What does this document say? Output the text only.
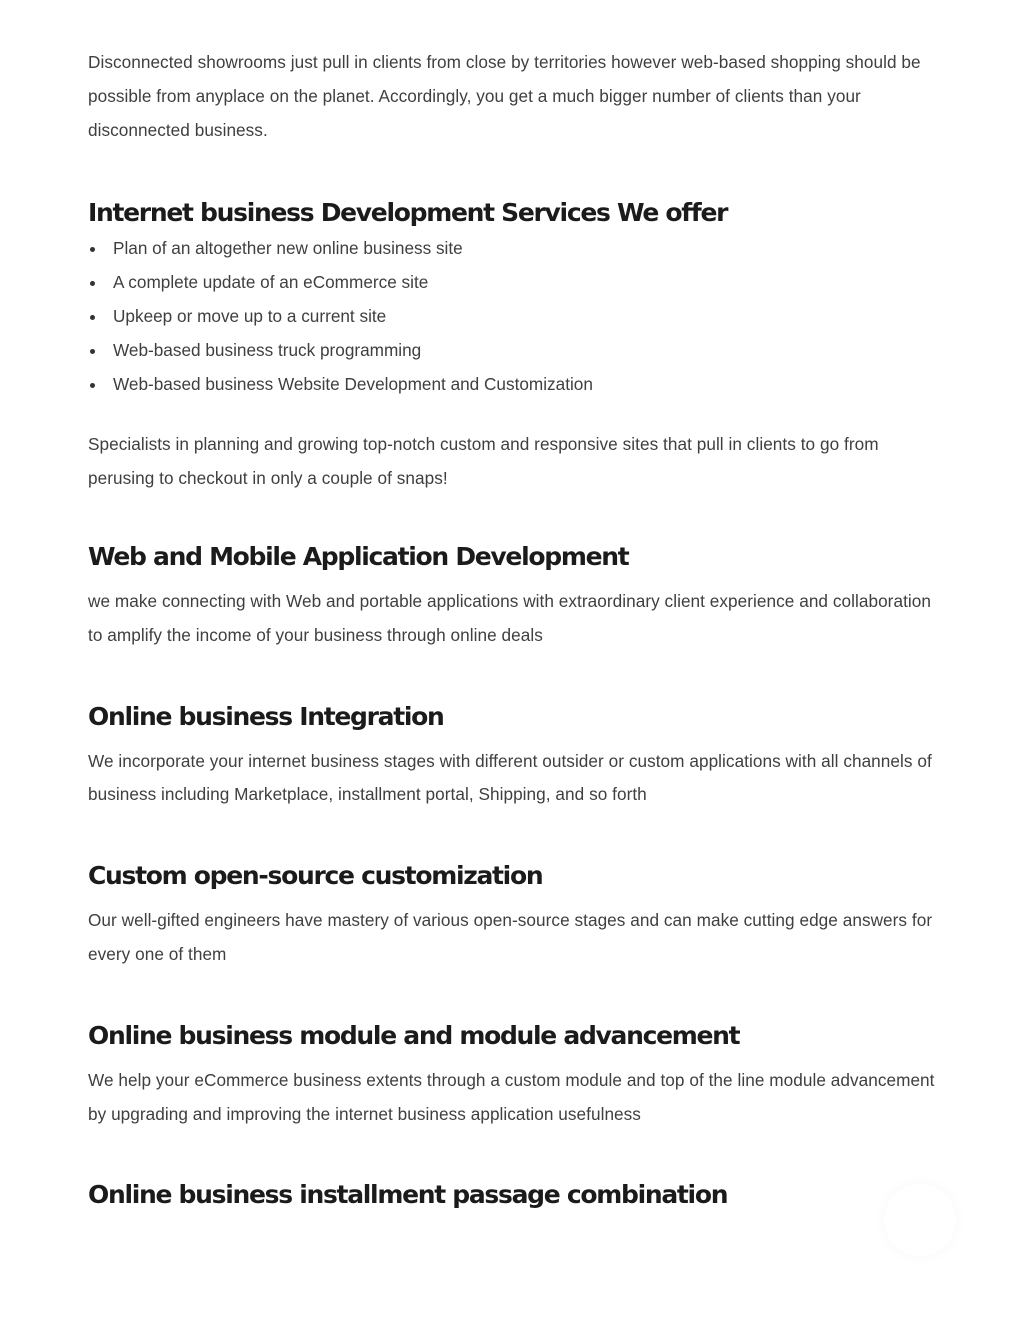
Disconnected showrooms just pull in clients from close by territories however web-based shopping should be possible from anyplace on the planet. Accordingly, you get a much bigger number of clients than your disconnected business.

Internet business Development Services We offer
Plan of an altogether new online business site
A complete update of an eCommerce site
Upkeep or move up to a current site
Web-based business truck programming
Web-based business Website Development and Customization

Specialists in planning and growing top-notch custom and responsive sites that pull in clients to go from perusing to checkout in only a couple of snaps!

Web and Mobile Application Development

we make connecting with Web and portable applications with extraordinary client experience and collaboration to amplify the income of your business through online deals

Online business Integration

We incorporate your internet business stages with different outsider or custom applications with all channels of business including Marketplace, installment portal, Shipping, and so forth

Custom open-source customization

Our well-gifted engineers have mastery of various open-source stages and can make cutting edge answers for every one of them

Online business module and module advancement

We help your eCommerce business extents through a custom module and top of the line module advancement by upgrading and improving the internet business application usefulness

Online business installment passage combination
